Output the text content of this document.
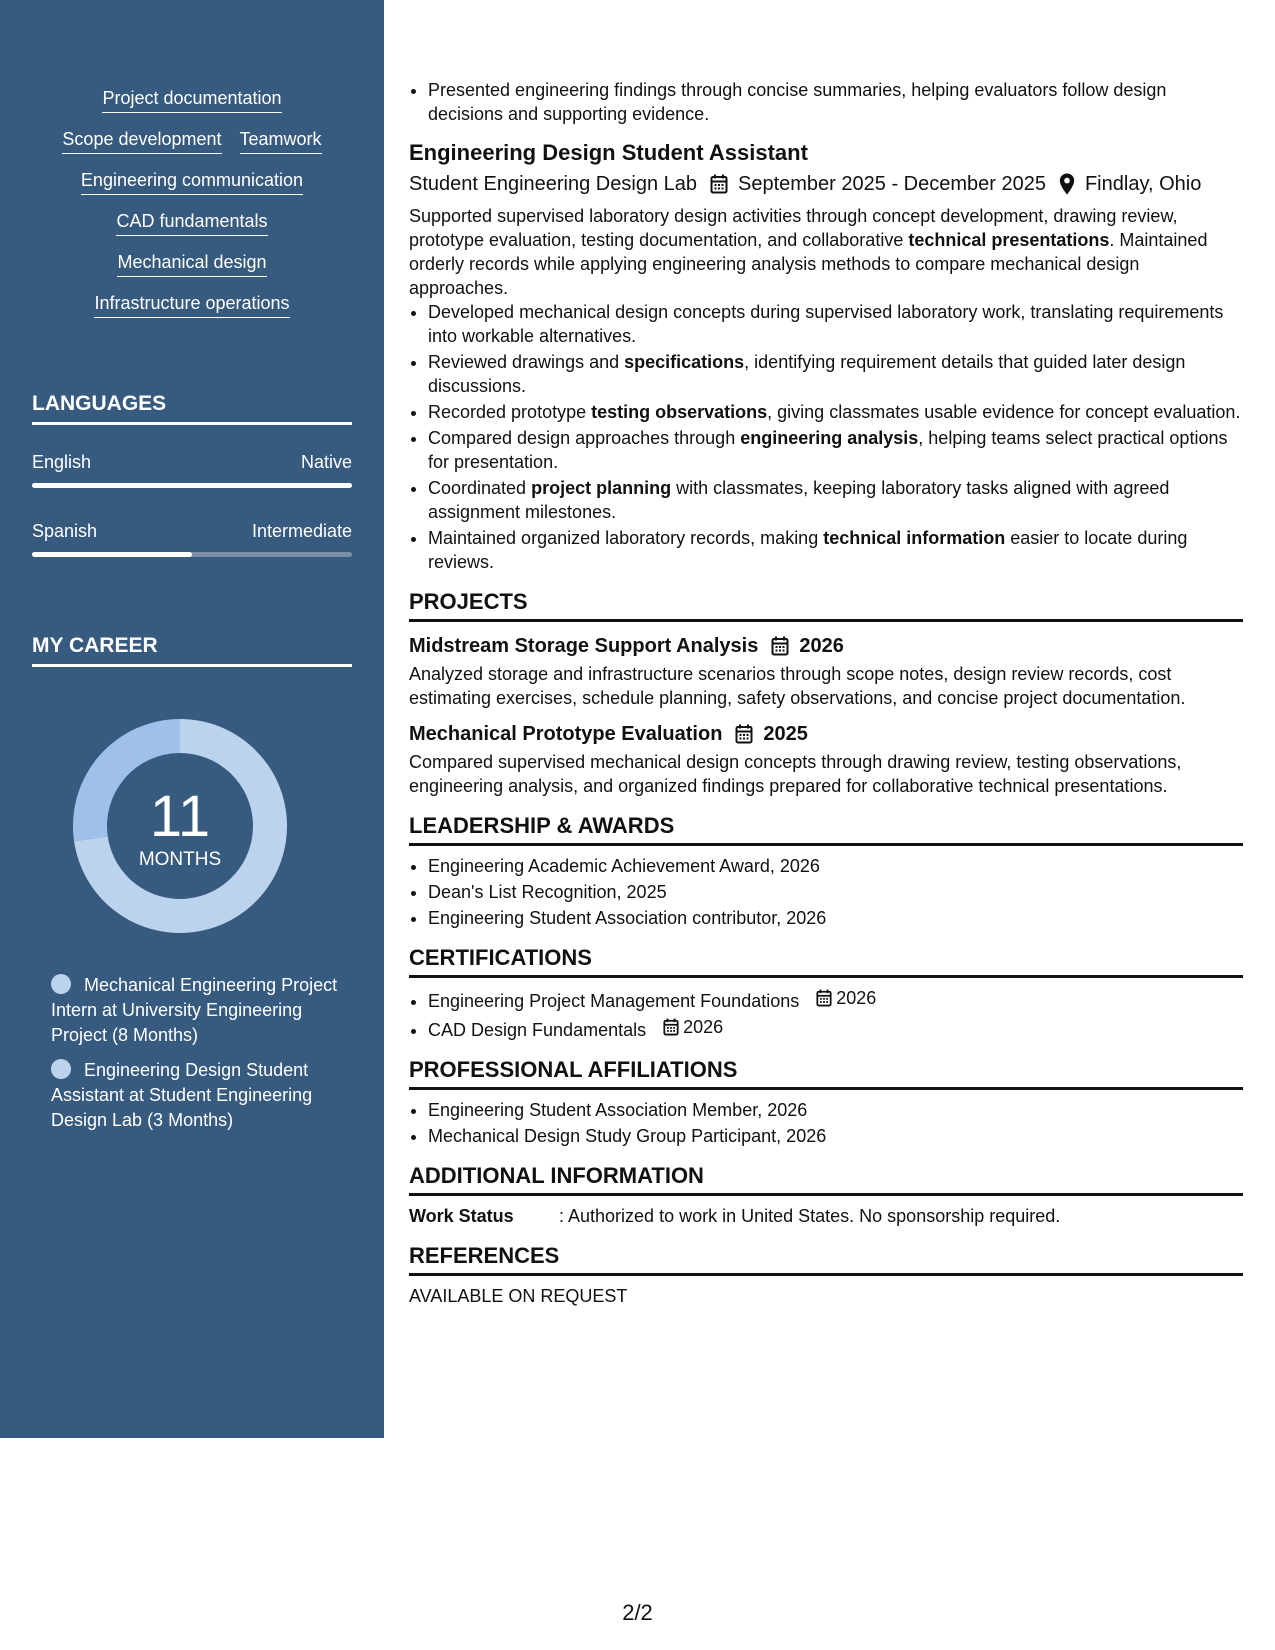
Project documentation
Scope development Teamwork
Engineering communication
CAD fundamentals
Mechanical design
Infrastructure operations
LANGUAGES
English	Native
Spanish	Intermediate
MY CAREER
11
MONTHS
Mechanical Engineering Project Intern at University Engineering Project (8 Months)
Engineering Design Student Assistant at Student Engineering Design Lab (3 Months)
• Presented engineering findings through concise summaries, helping evaluators follow design decisions and supporting evidence.
Engineering Design Student Assistant
Student Engineering Design Lab September 2025 - December 2025 Findlay, Ohio
Supported supervised laboratory design activities through concept development, drawing review, prototype evaluation, testing documentation, and collaborative technical presentations. Maintained orderly records while applying engineering analysis methods to compare mechanical design approaches.
• Developed mechanical design concepts during supervised laboratory work, translating requirements into workable alternatives.
• Reviewed drawings and specifications, identifying requirement details that guided later design discussions.
• Recorded prototype testing observations, giving classmates usable evidence for concept evaluation.
• Compared design approaches through engineering analysis, helping teams select practical options for presentation.
• Coordinated project planning with classmates, keeping laboratory tasks aligned with agreed assignment milestones.
• Maintained organized laboratory records, making technical information easier to locate during reviews.
PROJECTS
Midstream Storage Support Analysis 2026
Analyzed storage and infrastructure scenarios through scope notes, design review records, cost estimating exercises, schedule planning, safety observations, and concise project documentation.
Mechanical Prototype Evaluation 2025
Compared supervised mechanical design concepts through drawing review, testing observations, engineering analysis, and organized findings prepared for collaborative technical presentations.
LEADERSHIP & AWARDS
• Engineering Academic Achievement Award, 2026
• Dean's List Recognition, 2025
• Engineering Student Association contributor, 2026
CERTIFICATIONS
• Engineering Project Management Foundations 2026
• CAD Design Fundamentals 2026
PROFESSIONAL AFFILIATIONS
• Engineering Student Association Member, 2026
• Mechanical Design Study Group Participant, 2026
ADDITIONAL INFORMATION
Work Status	: Authorized to work in United States. No sponsorship required.
REFERENCES
AVAILABLE ON REQUEST
2/2
